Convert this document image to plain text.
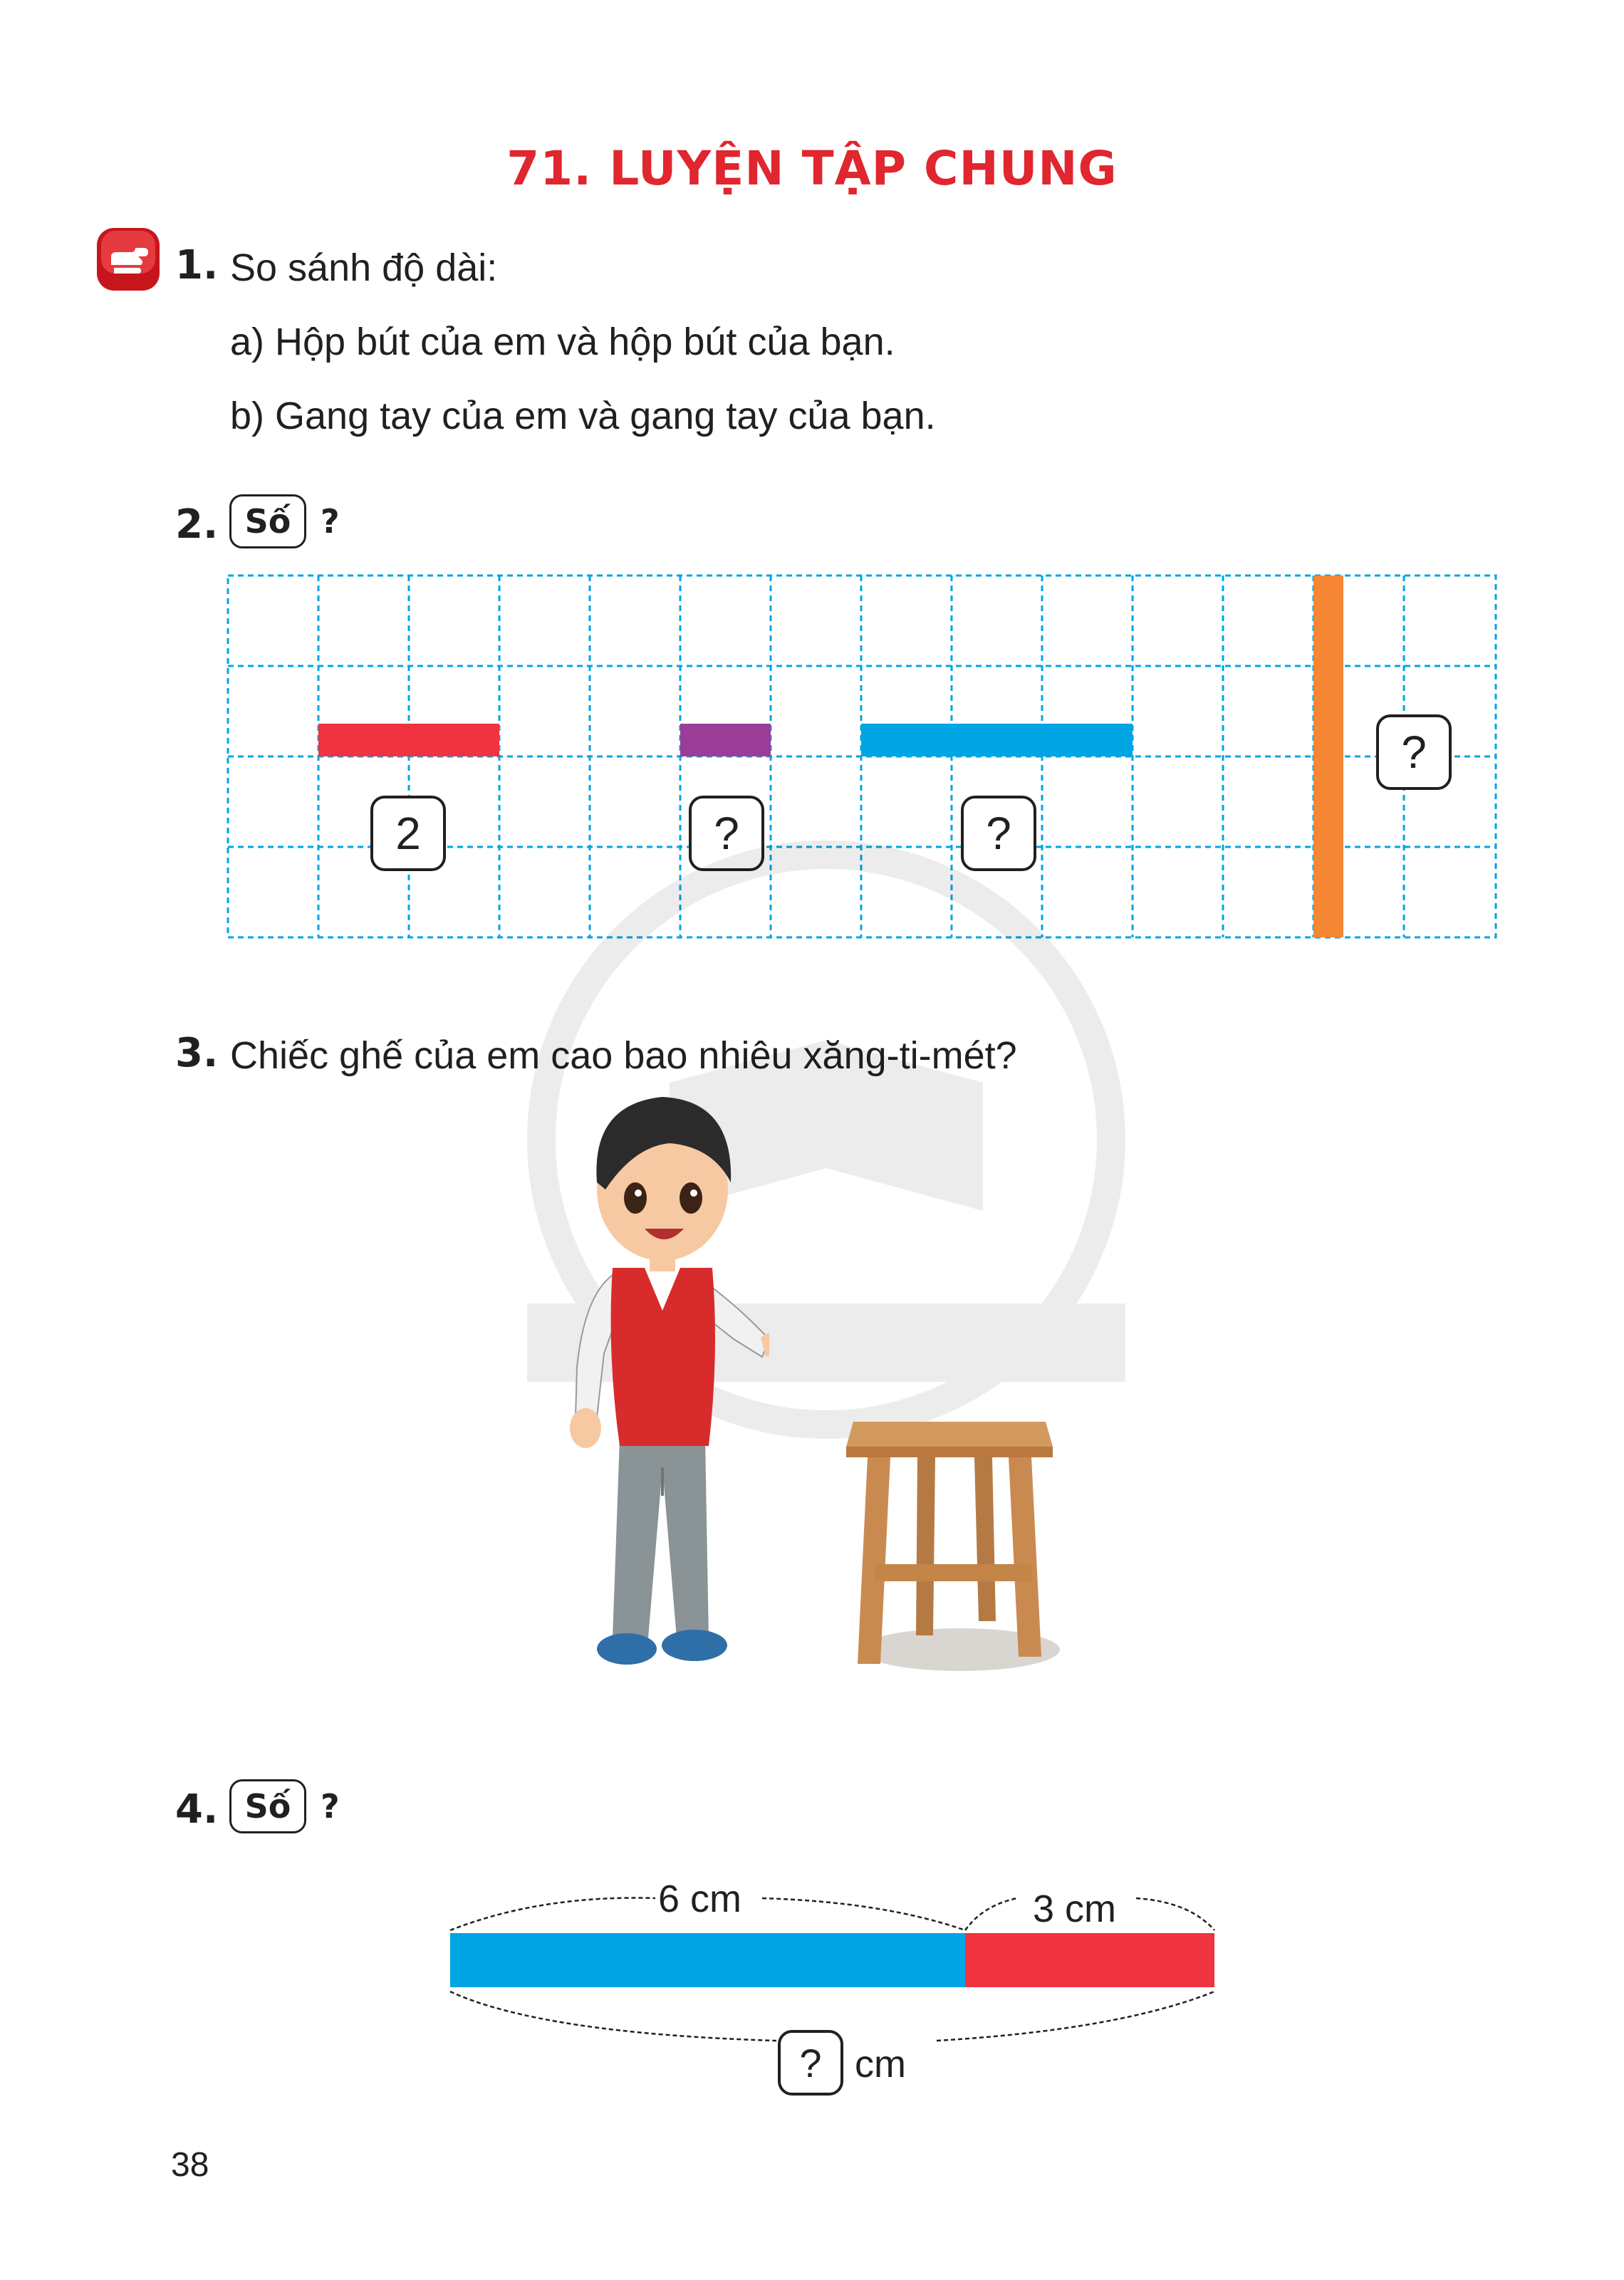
71. LUYỆN TẬP CHUNG
1. So sánh độ dài:
a) Hộp bút của em và hộp bút của bạn.
b) Gang tay của em và gang tay của bạn.
2. Số ?
2	?	?
?
3. Chiếc ghế của em cao bao nhiêu xăng-ti-mét?
4. Số ?
6 cm	3 cm
? cm
38
